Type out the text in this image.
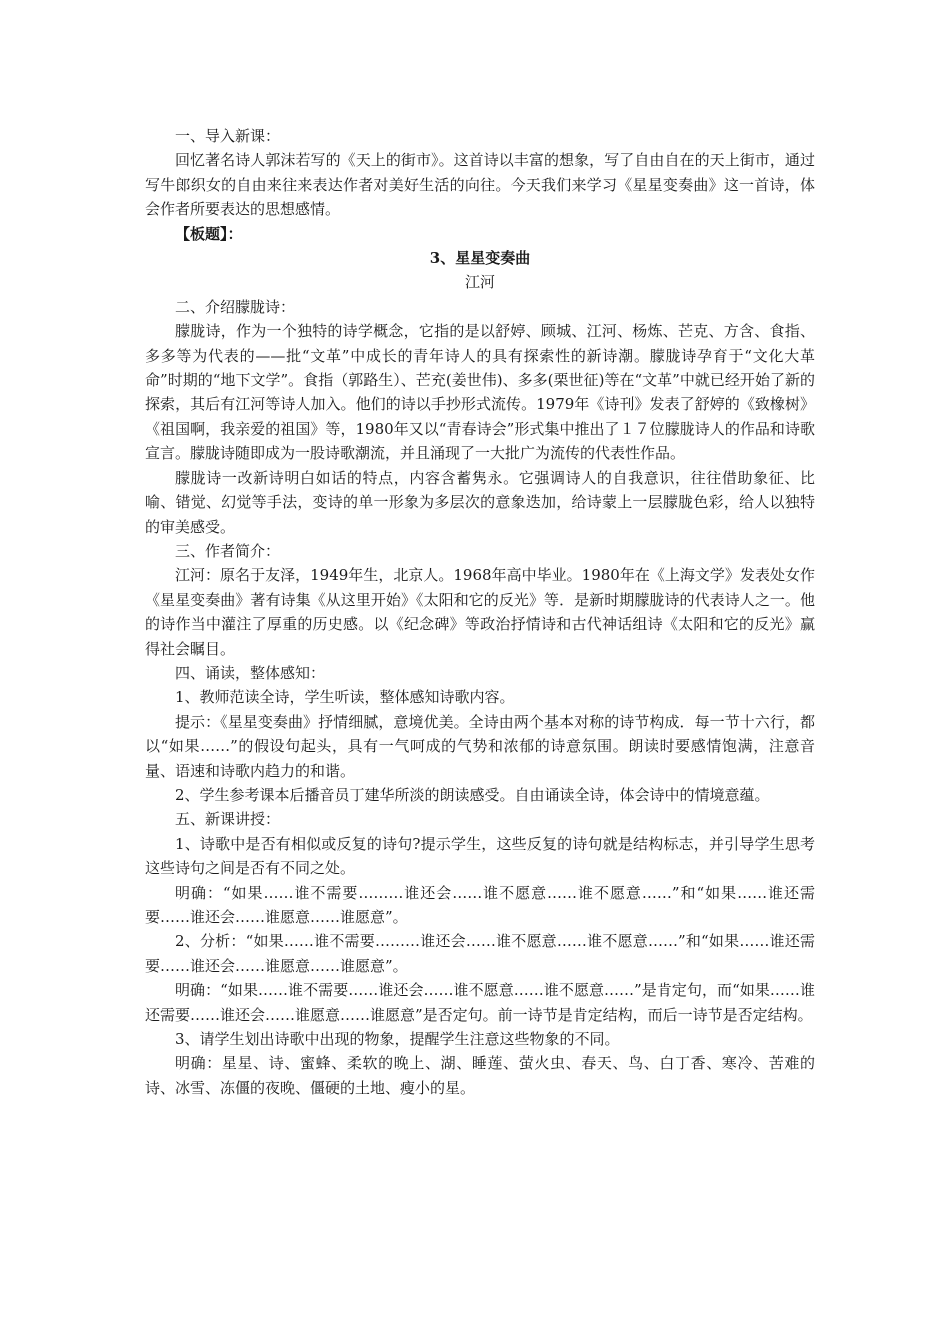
一、导入新课：

回忆著名诗人郭沫若写的《天上的街市》。这首诗以丰富的想象，写了自由自在的天上街市，通过写牛郎织女的自由来往来表达作者对美好生活的向往。今天我们来学习《星星变奏曲》这一首诗，体会作者所要表达的思想感情。

【板题】：

3、星星变奏曲

江河

二、介绍朦胧诗：

朦胧诗，作为一个独特的诗学概念，它指的是以舒婷、顾城、江河、杨炼、芒克、方含、食指、多多等为代表的——批“文革”中成长的青年诗人的具有探索性的新诗潮。朦胧诗孕育于“文化大革命”时期的“地下文学”。食指（郭路生）、芒充(姜世伟)、多多(栗世征)等在“文革”中就已经开始了新的探索，其后有江河等诗人加入。他们的诗以手抄形式流传。1979年《诗刊》发表了舒婷的《致橡树》《祖国啊，我亲爱的祖国》等，1980年又以“青春诗会”形式集中推出了１７位朦胧诗人的作品和诗歌宣言。朦胧诗随即成为一股诗歌潮流，并且涌现了一大批广为流传的代表性作品。

朦胧诗一改新诗明白如话的特点，内容含蓄隽永。它强调诗人的自我意识，往往借助象征、比喻、错觉、幻觉等手法，变诗的单一形象为多层次的意象迭加，给诗蒙上一层朦胧色彩，给人以独特的审美感受。

三、作者简介：

江河：原名于友泽，1949年生，北京人。1968年高中毕业。1980年在《上海文学》发表处女作《星星变奏曲》著有诗集《从这里开始》《太阳和它的反光》等．是新时期朦胧诗的代表诗人之一。他的诗作当中灌注了厚重的历史感。以《纪念碑》等政治抒情诗和古代神话组诗《太阳和它的反光》赢得社会瞩目。

四、诵读，整体感知：

1、教师范读全诗，学生听读，整体感知诗歌内容。

提示：《星星变奏曲》抒情细腻，意境优美。全诗由两个基本对称的诗节构成．每一节十六行，都以“如果……”的假设句起头，具有一气呵成的气势和浓郁的诗意氛围。朗读时要感情饱满，注意音量、语速和诗歌内趋力的和谐。

2、学生参考课本后播音员丁建华所淡的朗读感受。自由诵读全诗，体会诗中的情境意蕴。

五、新课讲授：

1、诗歌中是否有相似或反复的诗句?提示学生，这些反复的诗句就是结构标志，并引导学生思考这些诗句之间是否有不同之处。

明确：“如果……谁不需要………谁还会……谁不愿意……谁不愿意……”和“如果……谁还需要……谁还会……谁愿意……谁愿意”。

2、分析：“如果……谁不需要………谁还会……谁不愿意……谁不愿意……”和“如果……谁还需要……谁还会……谁愿意……谁愿意”。

明确：“如果……谁不需要……谁还会……谁不愿意……谁不愿意……”是肯定句，而“如果……谁还需要……谁还会……谁愿意……谁愿意”是否定句。前一诗节是肯定结构，而后一诗节是否定结构。

3、请学生划出诗歌中出现的物象，提醒学生注意这些物象的不同。

明确：星星、诗、蜜蜂、柔软的晚上、湖、睡莲、萤火虫、春天、鸟、白丁香、寒冷、苦难的诗、冰雪、冻僵的夜晚、僵硬的土地、瘦小的星。
